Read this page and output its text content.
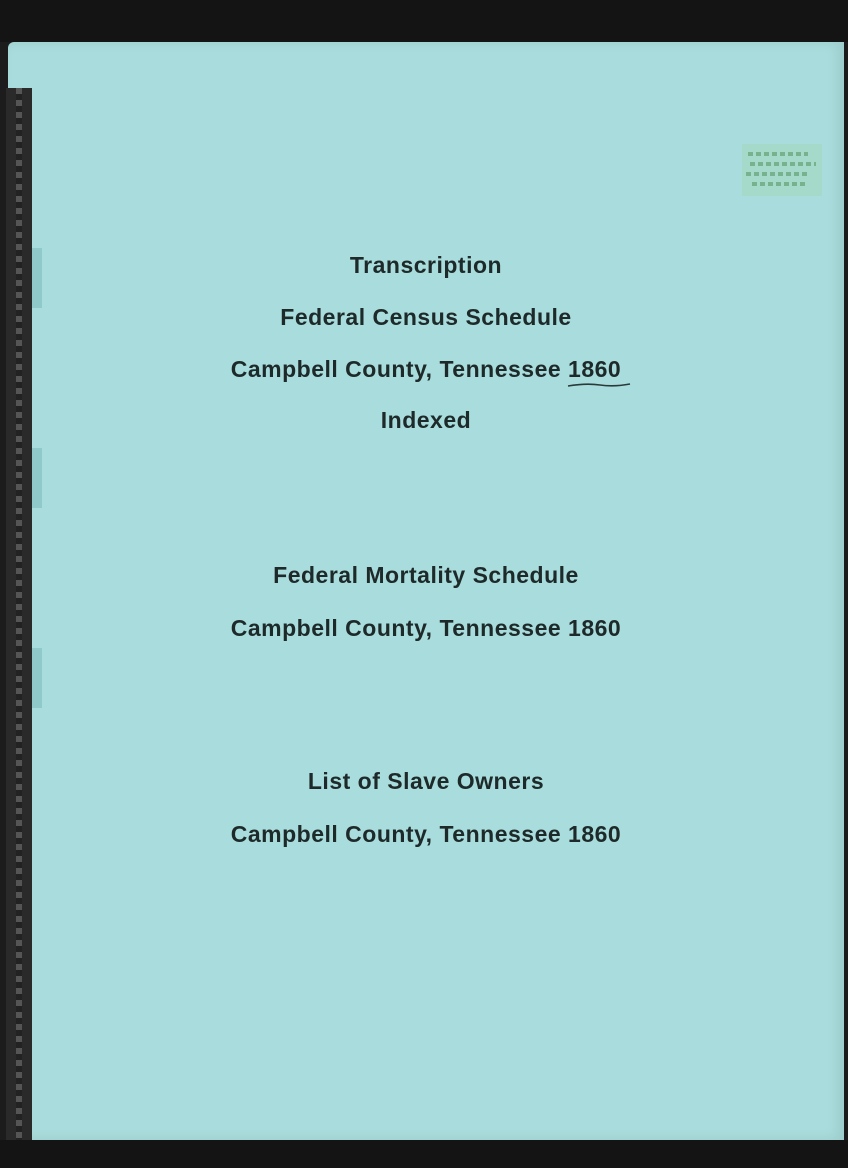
Transcription
Federal Census Schedule
Campbell County, Tennessee 1860
Indexed
Federal Mortality Schedule
Campbell County, Tennessee 1860
List of Slave Owners
Campbell County, Tennessee 1860
